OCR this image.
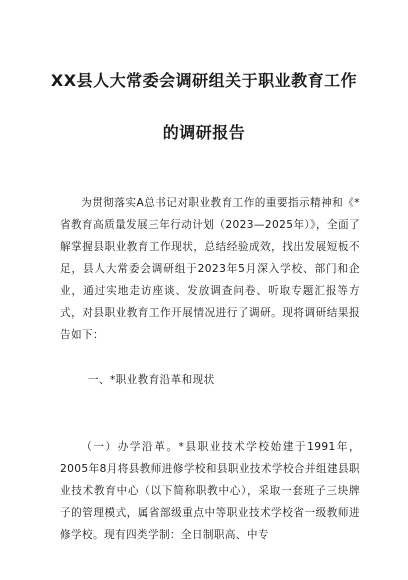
XX县人大常委会调研组关于职业教育工作
的调研报告

为贯彻落实A总书记对职业教育工作的重要指示精神和《*省教育高质量发展三年行动计划（2023—2025年）》，全面了解掌握县职业教育工作现状，总结经验成效，找出发展短板不足，县人大常委会调研组于2023年5月深入学校、部门和企业，通过实地走访座谈、发放调查问卷、听取专题汇报等方式，对县职业教育工作开展情况进行了调研。现将调研结果报告如下：

一、*职业教育沿革和现状

（一）办学沿革。*县职业技术学校始建于1991年，2005年8月将县教师进修学校和县职业技术学校合并组建县职业技术教育中心（以下简称职教中心），采取一套班子三块牌子的管理模式，属省部级重点中等职业技术学校省一级教师进修学校。现有四类学制：全日制职高、中专
